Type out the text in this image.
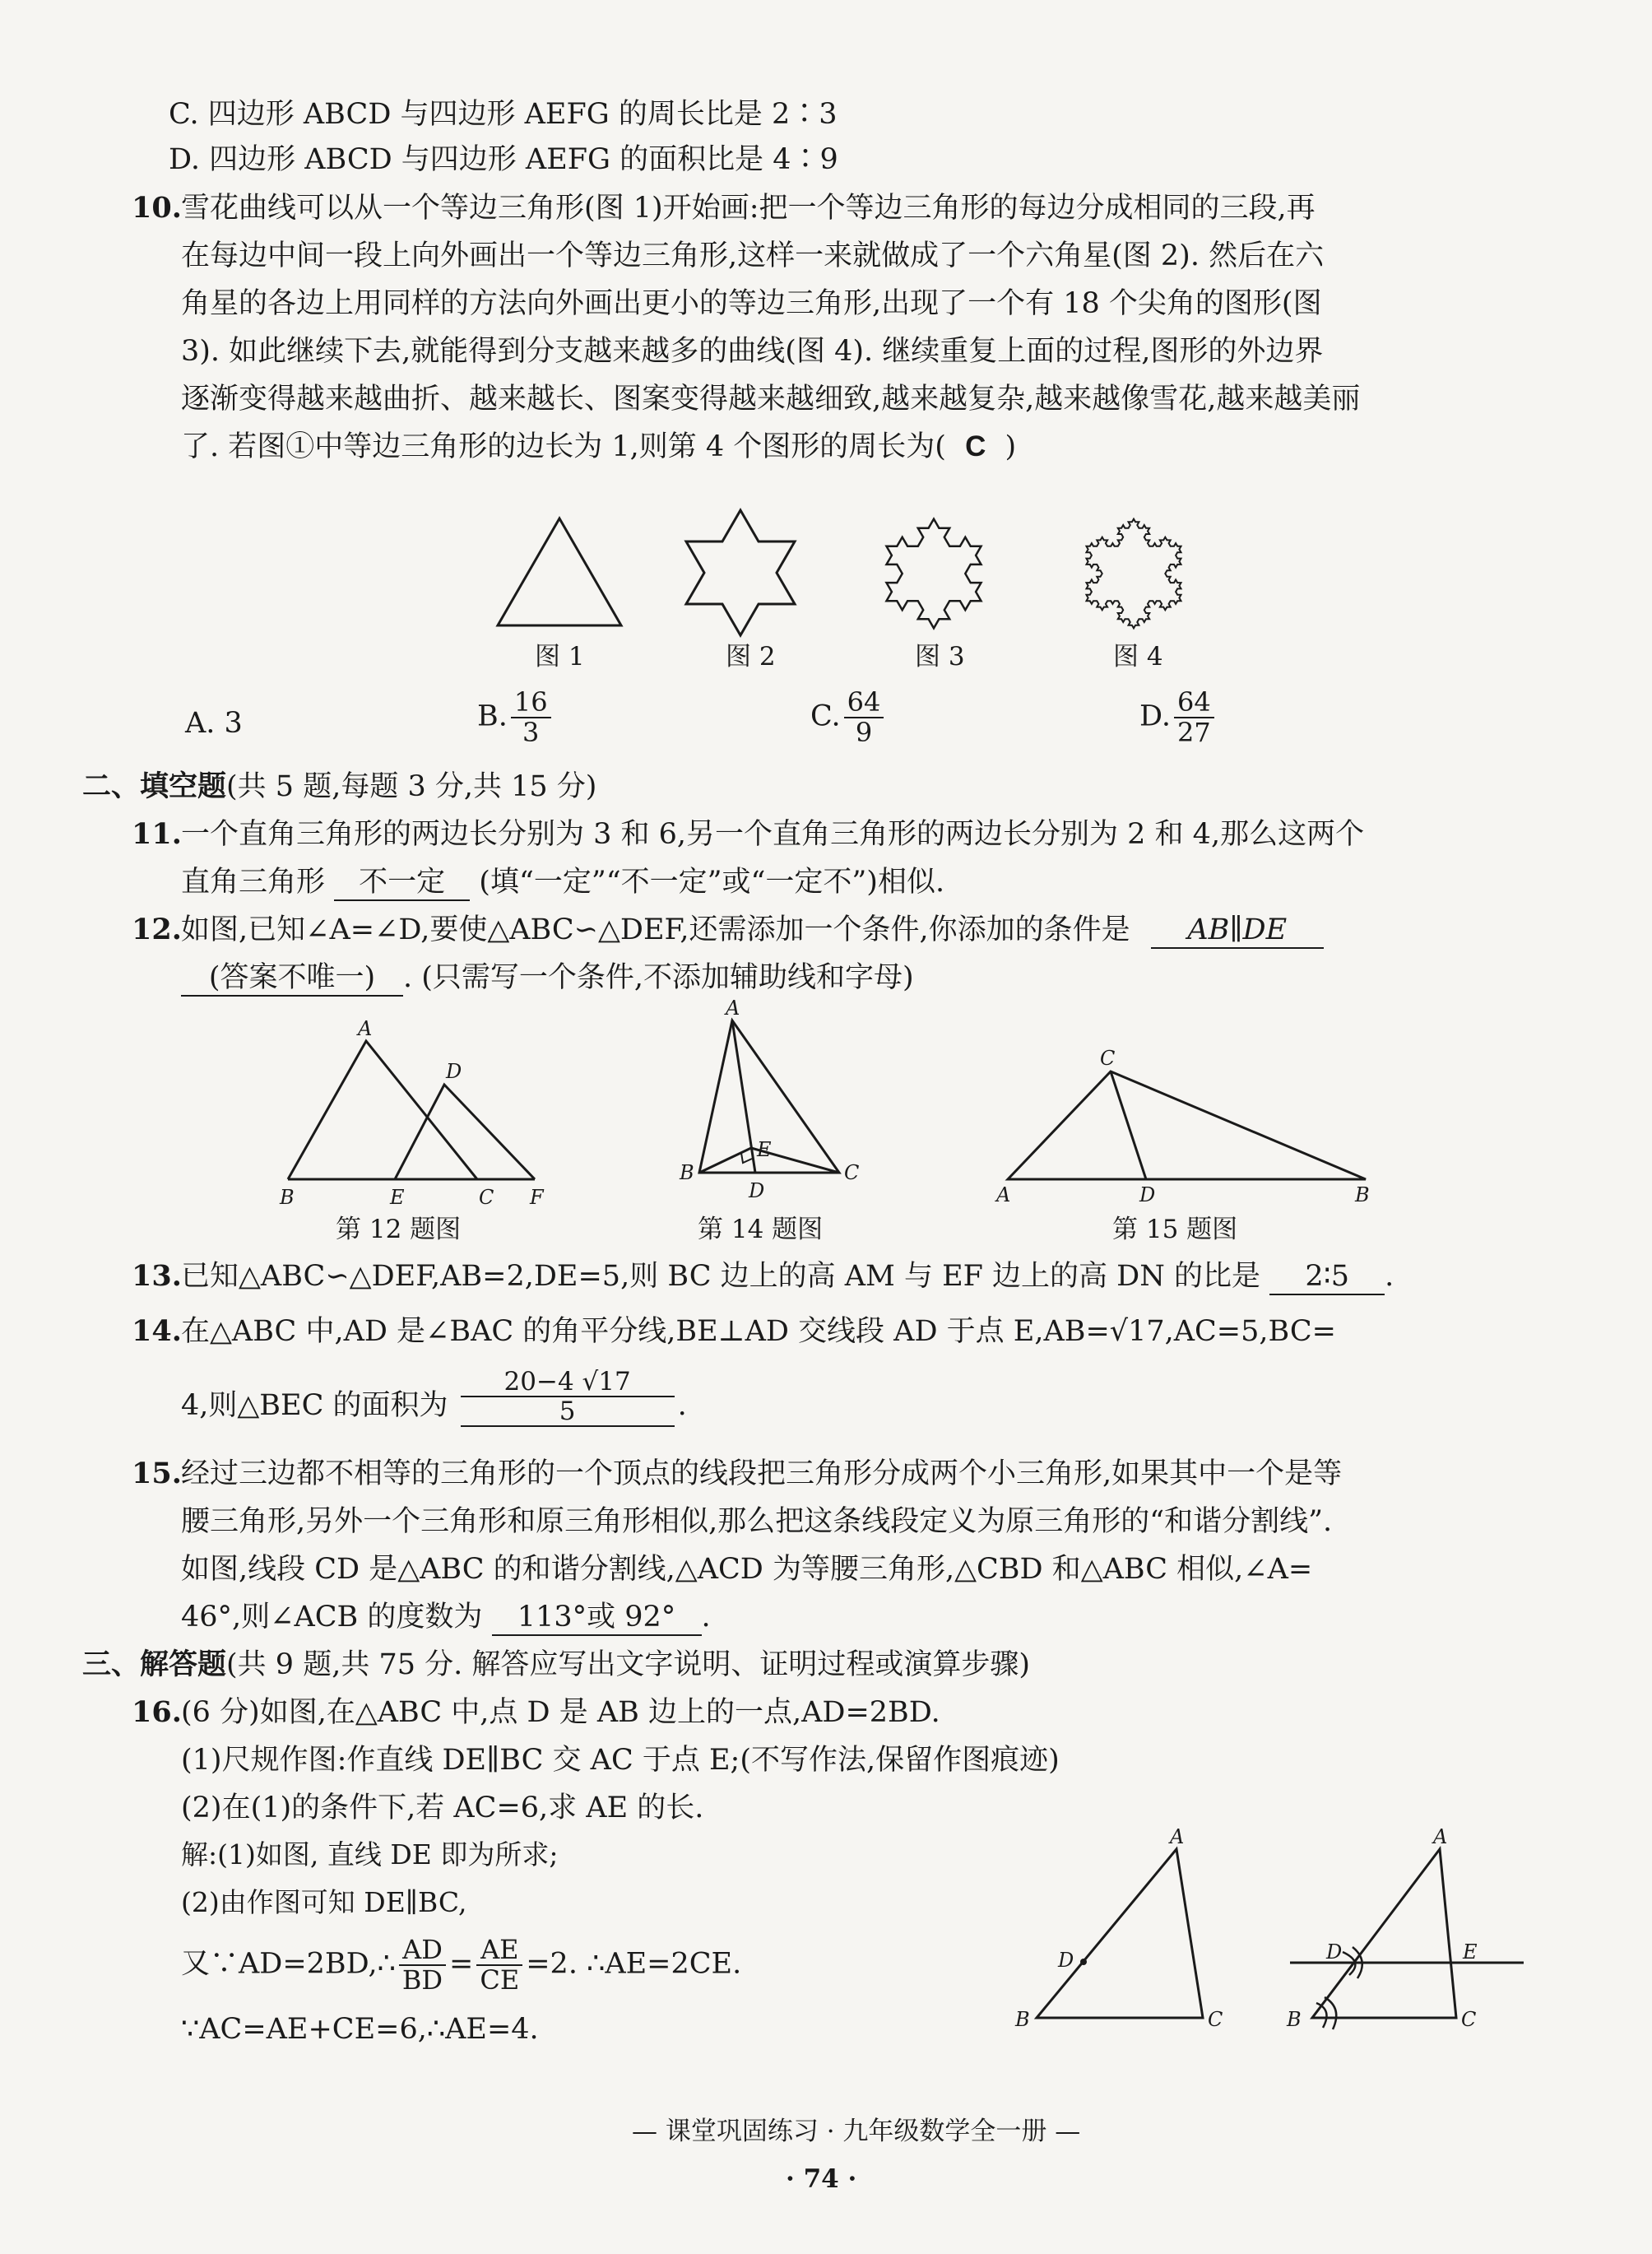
C. 四边形 ABCD 与四边形 AEFG 的周长比是 2∶3
D. 四边形 ABCD 与四边形 AEFG 的面积比是 4∶9
10. 雪花曲线可以从一个等边三角形(图 1)开始画:把一个等边三角形的每边分成相同的三段,再
在每边中间一段上向外画出一个等边三角形,这样一来就做成了一个六角星(图 2). 然后在六
角星的各边上用同样的方法向外画出更小的等边三角形,出现了一个有 18 个尖角的图形(图
3). 如此继续下去,就能得到分支越来越多的曲线(图 4). 继续重复上面的过程,图形的外边界
逐渐变得越来越曲折、越来越长、图案变得越来越细致,越来越复杂,越来越像雪花,越来越美丽
了. 若图①中等边三角形的边长为 1,则第 4 个图形的周长为( C )
图 1	图 2	图 3	图 4
A. 3	B. $\frac{16}{3}$	C. $\frac{64}{9}$	D. $\frac{64}{27}$
二、填空题(共 5 题,每题 3 分,共 15 分)
11. 一个直角三角形的两边长分别为 3 和 6,另一个直角三角形的两边长分别为 2 和 4,那么这两个
直角三角形 不一定 (填“一定”“不一定”或“一定不”)相似.
12. 如图,已知∠A=∠D,要使△ABC∽△DEF,还需添加一个条件,你添加的条件是 AB∥DE
(答案不唯一) . (只需写一个条件,不添加辅助线和字母)
A
D
B	E	C F
第 12 题图
A
B	C
D
E
第 14 题图
C
A	D	B
第 15 题图
13. 已知△ABC∽△DEF,AB=2,DE=5,则 BC 边上的高 AM 与 EF 边上的高 DN 的比是 2∶5 .
14. 在△ABC 中,AD 是∠BAC 的角平分线,BE⊥AD 交线段 AD 于点 E,AB=√17,AC=5,BC=
4,则△BEC 的面积为 $\frac{20-4 √17}{5}$ .
15. 经过三边都不相等的三角形的一个顶点的线段把三角形分成两个小三角形,如果其中一个是等
腰三角形,另外一个三角形和原三角形相似,那么把这条线段定义为原三角形的“和谐分割线”.
如图,线段 CD 是△ABC 的和谐分割线,△ACD 为等腰三角形,△CBD 和△ABC 相似,∠A=
46°,则∠ACB 的度数为 113°或 92° .
三、解答题(共 9 题,共 75 分. 解答应写出文字说明、证明过程或演算步骤)
16. (6 分)如图,在△ABC 中,点 D 是 AB 边上的一点,AD=2BD.
(1)尺规作图:作直线 DE∥BC 交 AC 于点 E;(不写作法,保留作图痕迹)
(2)在(1)的条件下,若 AC=6,求 AE 的长.
解:(1)如图, 直线 DE 即为所求;
(2)由作图可知 DE∥BC,
又∵AD=2BD,∴ $\frac{AD}{BD} = \frac{AE}{CE} =2$. ∴AE=2CE.
∵AC=AE+CE=6,∴AE=4.
A
D
B	C
A
D	E
B	C
— 课堂巩固练习 · 九年级数学全一册 —
· 74 ·
